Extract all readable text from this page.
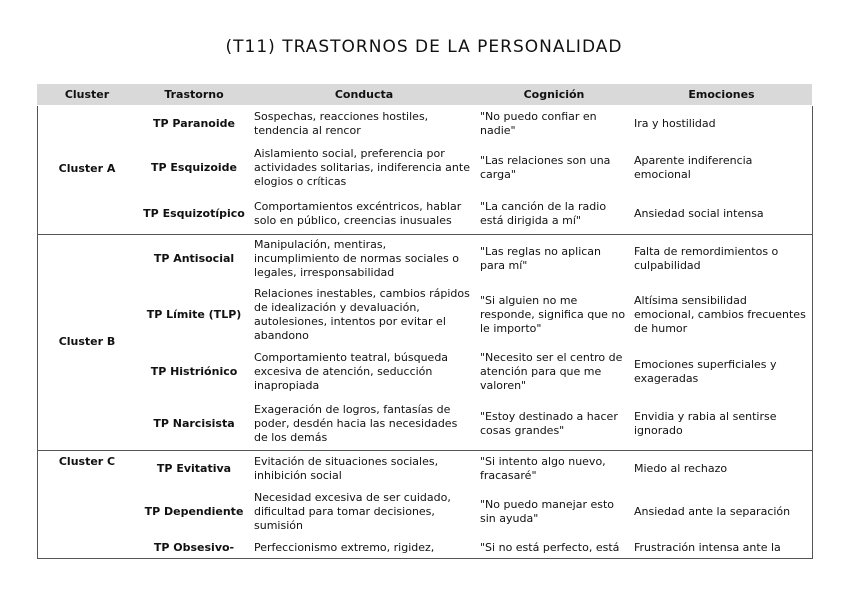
(T11) TRASTORNOS DE LA PERSONALIDAD
Cluster	Trastorno	Conducta	Cognición	Emociones
Cluster A	TP Paranoide	Sospechas, reacciones hostiles, tendencia al rencor	"No puedo confiar en nadie"	Ira y hostilidad
	TP Esquizoide	Aislamiento social, preferencia por actividades solitarias, indiferencia ante elogios o críticas	"Las relaciones son una carga"	Aparente indiferencia emocional
	TP Esquizotípico	Comportamientos excéntricos, hablar solo en público, creencias inusuales	"La canción de la radio está dirigida a mí"	Ansiedad social intensa
Cluster B	TP Antisocial	Manipulación, mentiras, incumplimiento de normas sociales o legales, irresponsabilidad	"Las reglas no aplican para mí"	Falta de remordimientos o culpabilidad
	TP Límite (TLP)	Relaciones inestables, cambios rápidos de idealización y devaluación, autolesiones, intentos por evitar el abandono	"Si alguien no me responde, significa que no le importo"	Altísima sensibilidad emocional, cambios frecuentes de humor
	TP Histriónico	Comportamiento teatral, búsqueda excesiva de atención, seducción inapropiada	"Necesito ser el centro de atención para que me valoren"	Emociones superficiales y exageradas
	TP Narcisista	Exageración de logros, fantasías de poder, desdén hacia las necesidades de los demás	"Estoy destinado a hacer cosas grandes"	Envidia y rabia al sentirse ignorado
Cluster C	TP Evitativa	Evitación de situaciones sociales, inhibición social	"Si intento algo nuevo, fracasaré"	Miedo al rechazo
	TP Dependiente	Necesidad excesiva de ser cuidado, dificultad para tomar decisiones, sumisión	"No puedo manejar esto sin ayuda"	Ansiedad ante la separación
	TP Obsesivo-	Perfeccionismo extremo, rigidez,	"Si no está perfecto, está	Frustración intensa ante la
